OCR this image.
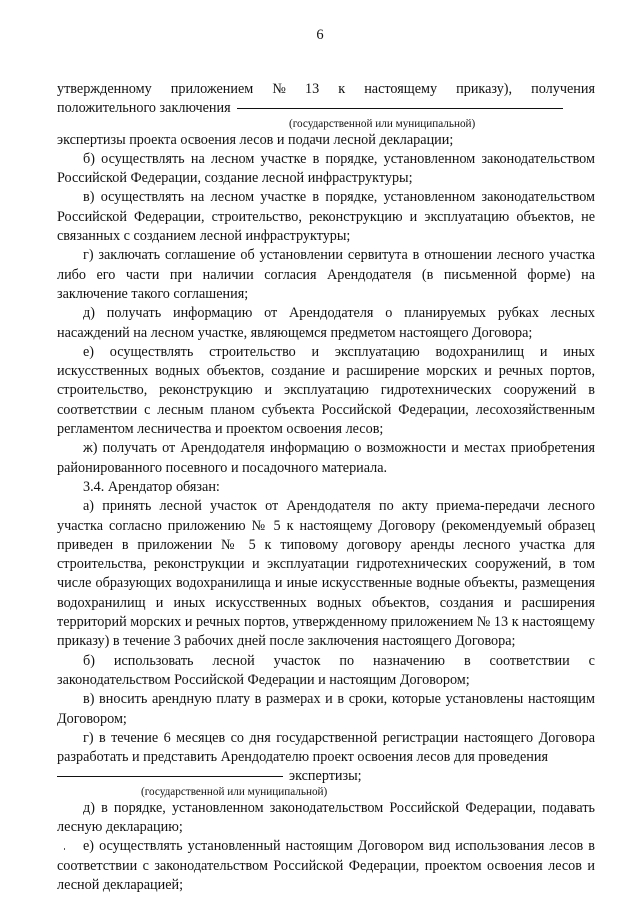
6
утвержденному приложением № 13 к настоящему приказу), получения
положительного заключения
(государственной или муниципальной)

экспертизы проекта освоения лесов и подачи лесной декларации;

б) осуществлять на лесном участке в порядке, установленном законодательством Российской Федерации, создание лесной инфраструктуры;

в) осуществлять на лесном участке в порядке, установленном законодательством Российской Федерации, строительство, реконструкцию и эксплуатацию объектов, не связанных с созданием лесной инфраструктуры;

г) заключать соглашение об установлении сервитута в отношении лесного участка либо его части при наличии согласия Арендодателя (в письменной форме) на заключение такого соглашения;

д) получать информацию от Арендодателя о планируемых рубках лесных насаждений на лесном участке, являющемся предметом настоящего Договора;

е) осуществлять строительство и эксплуатацию водохранилищ и иных искусственных водных объектов, создание и расширение морских и речных портов, строительство, реконструкцию и эксплуатацию гидротехнических сооружений в соответствии с лесным планом субъекта Российской Федерации, лесохозяйственным регламентом лесничества и проектом освоения лесов;

ж) получать от Арендодателя информацию о возможности и местах приобретения районированного посевного и посадочного материала.

3.4. Арендатор обязан:

а) принять лесной участок от Арендодателя по акту приема-передачи лесного участка согласно приложению № 5 к настоящему Договору (рекомендуемый образец приведен в приложении № 5 к типовому договору аренды лесного участка для строительства, реконструкции и эксплуатации гидротехнических сооружений, в том числе образующих водохранилища и иные искусственные водные объекты, размещения водохранилищ и иных искусственных водных объектов, создания и расширения территорий морских и речных портов, утвержденному приложением № 13 к настоящему приказу) в течение 3 рабочих дней после заключения настоящего Договора;

б) использовать лесной участок по назначению в соответствии с

законодательством Российской Федерации и настоящим Договором;

в) вносить арендную плату в размерах и в сроки, которые установлены настоящим Договором;

г) в течение 6 месяцев со дня государственной регистрации настоящего Договора разработать и представить Арендодателю проект освоения лесов для проведения

экспертизы;
(государственной или муниципальной)

д) в порядке, установленном законодательством Российской Федерации, подавать лесную декларацию;

е) осуществлять установленный настоящим Договором вид использования лесов в соответствии с законодательством Российской Федерации, проектом освоения лесов и лесной декларацией;
